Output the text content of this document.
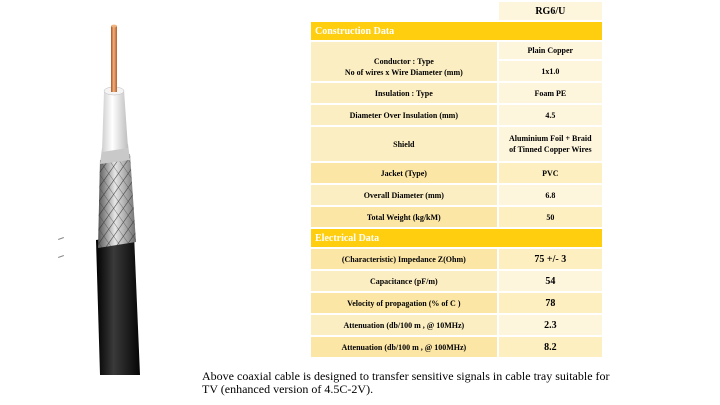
	RG6/U
Construction Data	

Conductor : Type
No of wires x Wire Diameter (mm)	Plain Copper
	1x1.0
Insulation : Type	Foam PE
Diameter Over Insulation (mm)	4.5
Shield	Aluminium Foil + Braid
of Tinned Copper Wires
Jacket (Type)	PVC
Overall Diameter (mm)	6.8
Total Weight (kg/kM)	50
Electrical Data	
(Characteristic) Impedance Z(Ohm)	75 +/- 3
Capacitance (pF/m)	54
Velocity of propagation (% of C )	78
Attenuation (db/100 m , @ 10MHz)	2.3
Attenuation (db/100 m , @ 100MHz)	8.2
Above coaxial cable is designed to transfer sensitive signals in cable tray suitable for TV (enhanced version of 4.5C-2V).
